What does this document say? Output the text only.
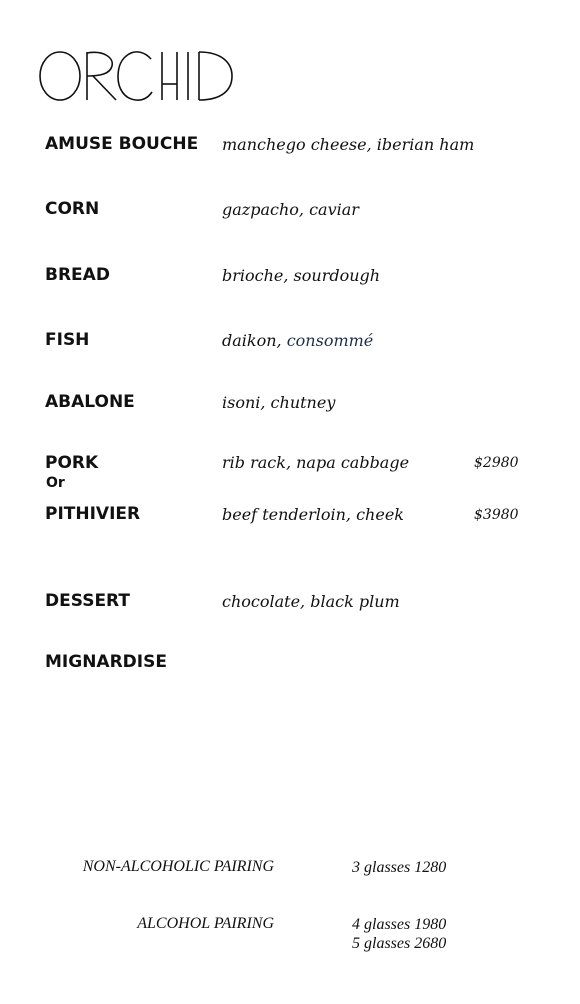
AMUSE BOUCHE manchego cheese, iberian ham
CORN	gazpacho, caviar
BREAD	brioche, sourdough
FISH	daikon, consommé
ABALONE	isoni, chutney
PORK	rib rack, napa cabbage	$2980
Or
PITHIVIER	beef tenderloin, cheek	$3980
DESSERT	chocolate, black plum
MIGNARDISE
NON-ALCOHOLIC PAIRING	3 glasses 1280
ALCOHOL PAIRING	4 glasses 1980
5 glasses 2680
